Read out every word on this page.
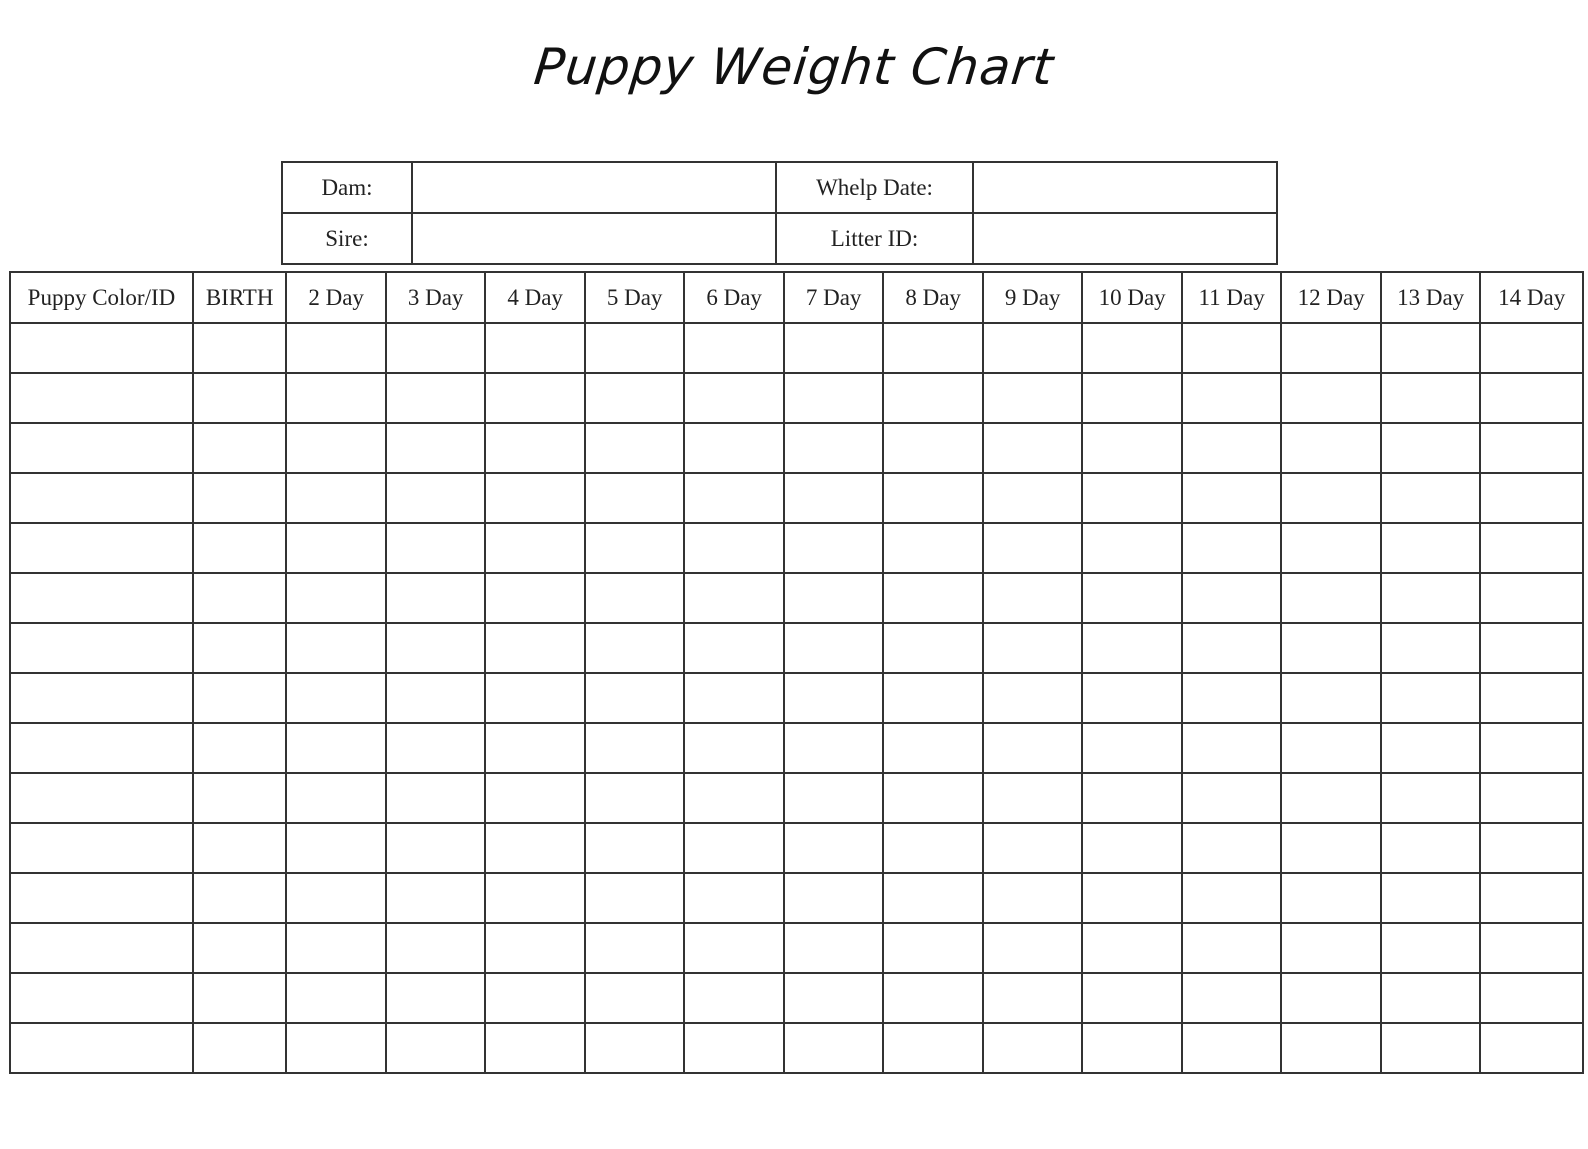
Puppy Weight Chart
Dam:		Whelp Date:	
Sire:		Litter ID:	
Puppy Color/ID	BIRTH	2 Day	3 Day	4 Day	5 Day	6 Day	7 Day	8 Day	9 Day	10 Day	11 Day	12 Day	13 Day	14 Day
